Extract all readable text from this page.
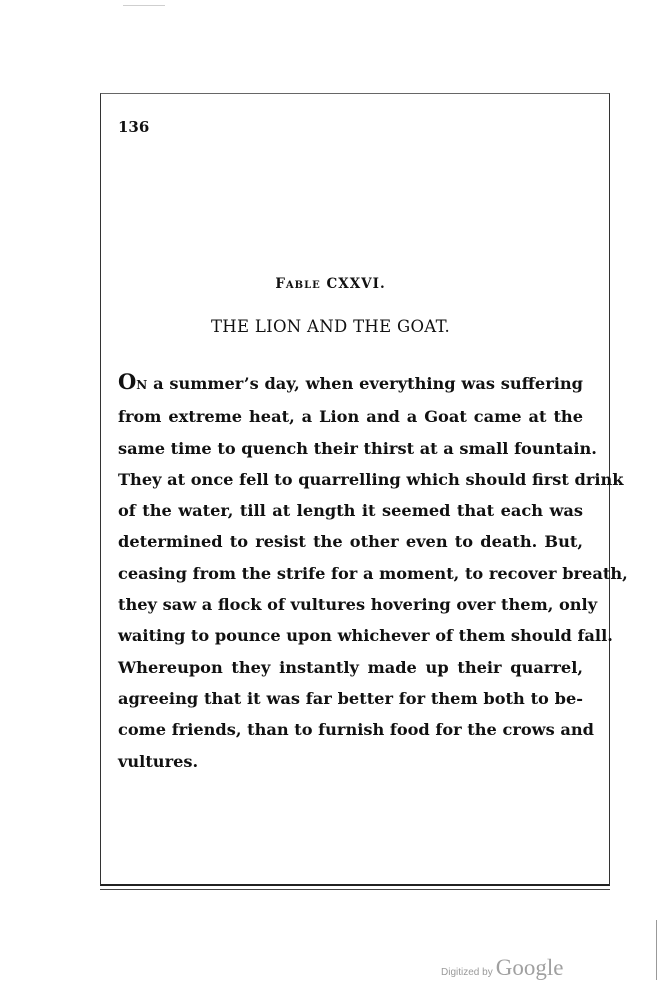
136
FABLE CXXVI.
THE LION AND THE GOAT.
ON a summer’s day, when everything was suffering
from extreme heat, a Lion and a Goat came at the
same time to quench their thirst at a small fountain.
They at once fell to quarrelling which should first drink
of the water, till at length it seemed that each was
determined to resist the other even to death. But,
ceasing from the strife for a moment, to recover breath,
they saw a flock of vultures hovering over them, only
waiting to pounce upon whichever of them should fall.
Whereupon they instantly made up their quarrel,
agreeing that it was far better for them both to be-
come friends, than to furnish food for the crows and
vultures.
Digitized by Google
